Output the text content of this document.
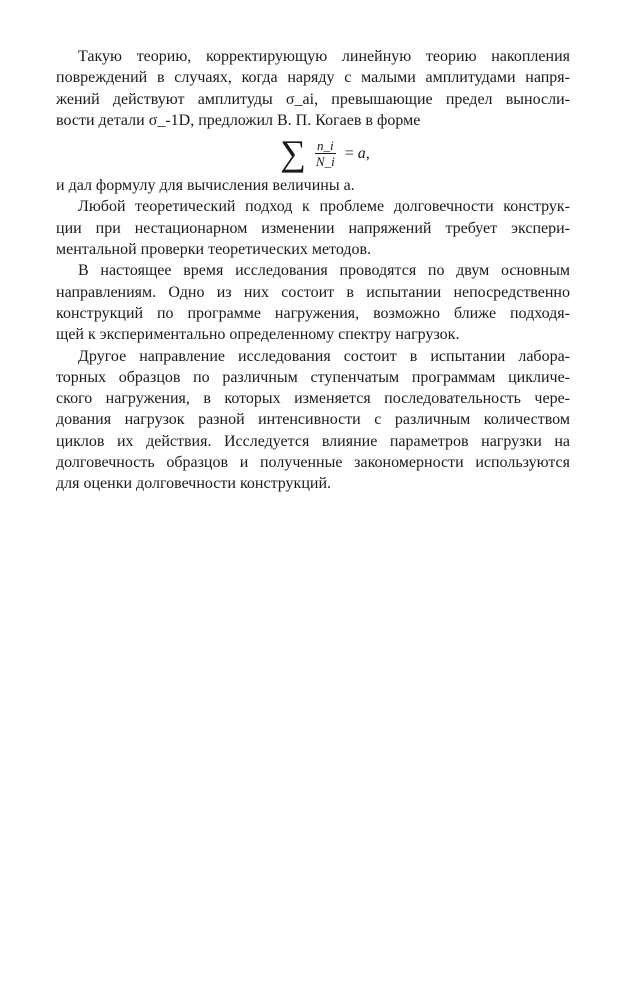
Такую теорию, корректирующую линейную теорию накопления
повреждений в случаях, когда наряду с малыми амплитудами напря-
жений действуют амплитуды σ_ai, превышающие предел выносли-
вости детали σ_-1D, предложил В. П. Когаев в форме
∑ $\frac{n\_i}{N\_i} = a$,
и дал формулу для вычисления величины a.
Любой теоретический подход к проблеме долговечности конструк-
ции при нестационарном изменении напряжений требует экспери-
ментальной проверки теоретических методов.
В настоящее время исследования проводятся по двум основным
направлениям. Одно из них состоит в испытании непосредственно
конструкций по программе нагружения, возможно ближе подходя-
щей к экспериментально определенному спектру нагрузок.
Другое направление исследования состоит в испытании лабора-
торных образцов по различным ступенчатым программам цикличе-
ского нагружения, в которых изменяется последовательность чере-
дования нагрузок разной интенсивности с различным количеством
циклов их действия. Исследуется влияние параметров нагрузки на
долговечность образцов и полученные закономерности используются
для оценки долговечности конструкций.
